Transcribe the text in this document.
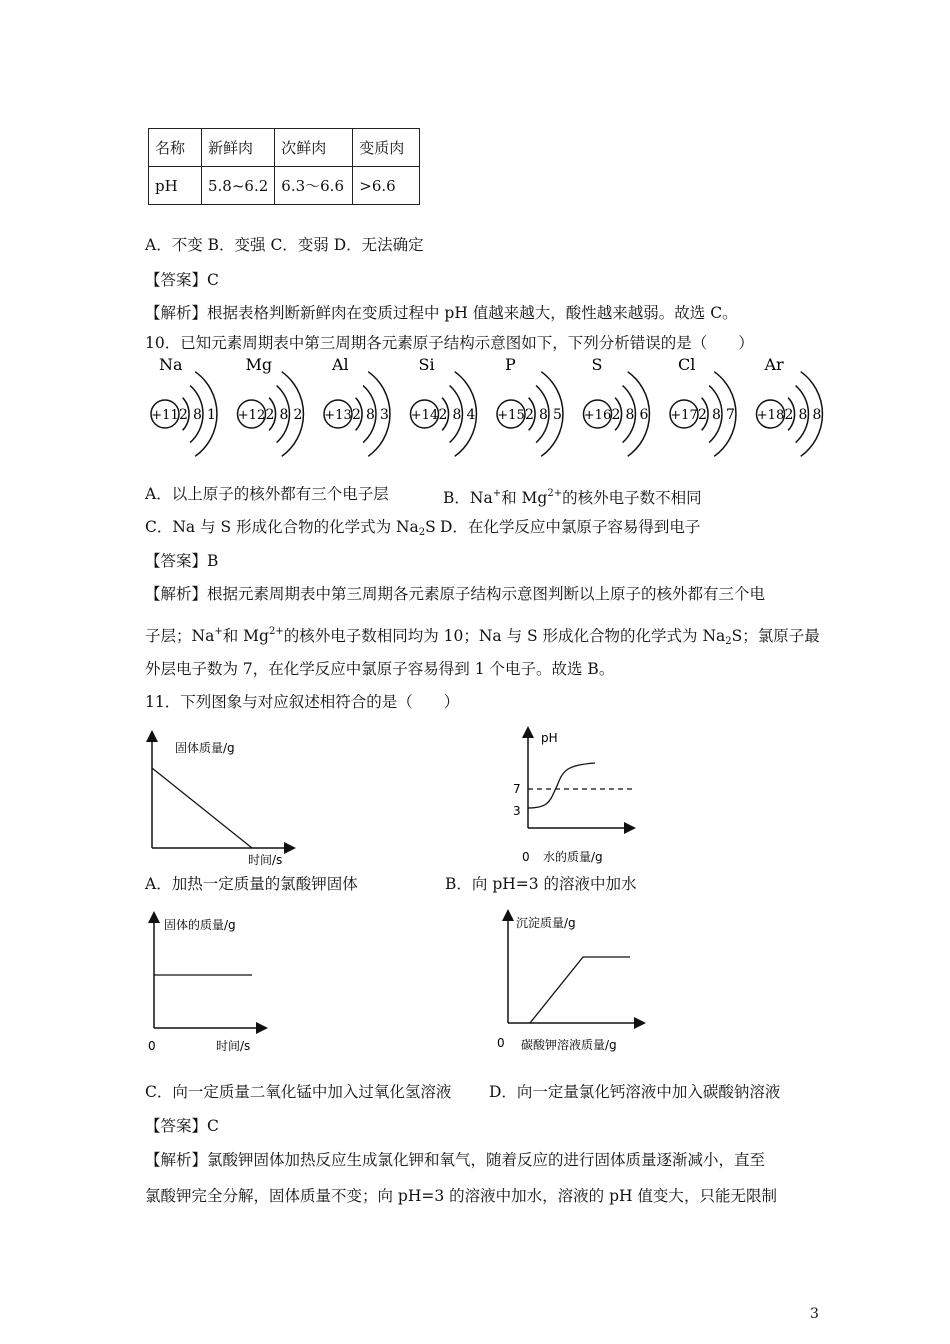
名称	新鲜肉	次鲜肉	变质肉
pH	5.8~6.2	6.3～6.6	>6.6
A．不变 B．变强 C．变弱 D．无法确定
【答案】C
【解析】根据表格判断新鲜肉在变质过程中 pH 值越来越大，酸性越来越弱。故选 C。
10．已知元素周期表中第三周期各元素原子结构示意图如下，下列分析错误的是（　　）
Na
+11 2 8 1
Mg
+12 2 8 2
Al
+13 2 8 3
Si
+14 2 8 4
P
+15 2 8 5
S
+16 2 8 6
Cl
+17 2 8 7
Ar
+18 2 8 8
A．以上原子的核外都有三个电子层	B．Na+和 $Mg^{2+}$的核外电子数不相同
C．Na 与 S 形成化合物的化学式为 $Na_2S$ D．在化学反应中氯原子容易得到电子
【答案】B
【解析】根据元素周期表中第三周期各元素原子结构示意图判断以上原子的核外都有三个电
子层；Na+和 $Mg^{2+}$的核外电子数相同均为 10；Na 与 S 形成化合物的化学式为 $Na_2S$；氯原子最
外层电子数为 7，在化学反应中氯原子容易得到 1 个电子。故选 B。
11．下列图象与对应叙述相符合的是（　　）
固体质量/g
时间/s
pH
7
3
0 水的质量/g
A．加热一定质量的氯酸钾固体	B．向 pH=3 的溶液中加水
固体的质量/g
0	时间/s
沉淀质量/g
0 碳酸钾溶液质量/g
C．向一定质量二氧化锰中加入过氧化氢溶液 D．向一定量氯化钙溶液中加入碳酸钠溶液
【答案】C
【解析】氯酸钾固体加热反应生成氯化钾和氧气，随着反应的进行固体质量逐渐减小，直至
氯酸钾完全分解，固体质量不变；向 pH=3 的溶液中加水，溶液的 pH 值变大，只能无限制
3
